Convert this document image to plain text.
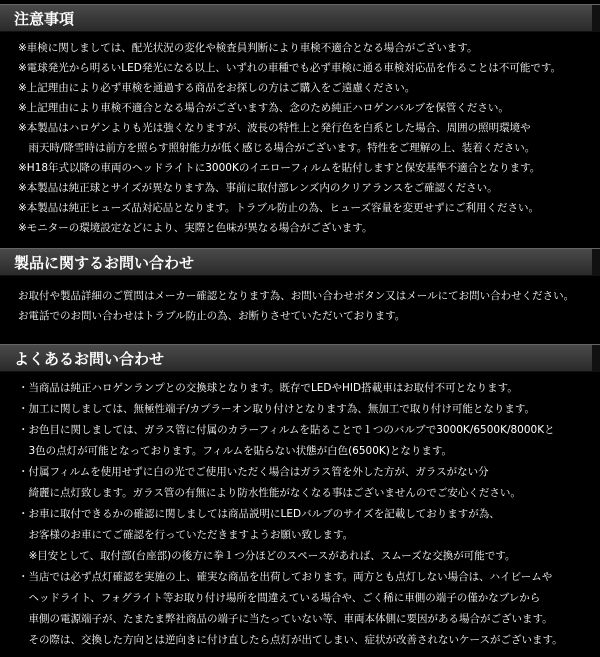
注意事項
※車検に関しましては、配光状況の変化や検査員判断により車検不適合となる場合がございます。
※電球発光から明るいLED発光になる以上、いずれの車種でも必ず車検に通る車検対応品を作ることは不可能です。
※上記理由により必ず車検を通過する商品をお探しの方はご購入をご遠慮ください。
※上記理由により車検不適合となる場合がございます為、念のため純正ハロゲンバルブを保管ください。
※本製品はハロゲンよりも光は強くなりますが、波長の特性上と発行色を白系とした場合、周囲の照明環境や
　雨天時/降雪時は前方を照らす照射能力が低く感じる場合がございます。特性をご理解の上、装着ください。
※H18年式以降の車両のヘッドライトに3000Kのイエローフィルムを貼付しますと保安基準不適合となります。
※本製品は純正球とサイズが異なります為、事前に取付部レンズ内のクリアランスをご確認ください。
※本製品は純正ヒューズ品対応品となります。トラブル防止の為、ヒューズ容量を変更せずにご利用ください。
※モニターの環境設定などにより、実際と色味が異なる場合がございます。
製品に関するお問い合わせ
お取付や製品詳細のご質問はメーカー確認となります為、お問い合わせボタン又はメールにてお問い合わせください。
お電話でのお問い合わせはトラブル防止の為、お断りさせていただいております。
よくあるお問い合わせ
・当商品は純正ハロゲンランプとの交換球となります。既存でLEDやHID搭載車はお取付不可となります。
・加工に関しましては、無極性端子/カプラーオン取り付けとなります為、無加工で取り付け可能となります。
・お色目に関しましては、ガラス管に付属のカラーフィルムを貼ることで１つのバルブで3000K/6500K/8000Kと
　3色の点灯が可能となっております。フィルムを貼らない状態が白色(6500K)となります。
・付属フィルムを使用せずに白の光でご使用いただく場合はガラス管を外した方が、ガラスがない分
　綺麗に点灯致します。ガラス管の有無により防水性能がなくなる事はございませんのでご安心ください。
・お車に取付できるかの確認に関しましては商品説明にLEDバルブのサイズを記載しておりますが為、
　お客様のお車にてご確認を行っていただきますようお願い致します。
　※目安として、取付部(台座部)の後方に拳１つ分ほどのスペースがあれば、スムーズな交換が可能です。
・当店では必ず点灯確認を実施の上、確実な商品を出荷しております。両方とも点灯しない場合は、ハイビームや
　ヘッドライト、フォグライト等お取り付け場所を間違えている場合や、ごく稀に車側の端子の僅かなブレから
　車側の電源端子が、たまたま弊社商品の端子に当たっていない等、車両本体側に要因がある場合がございます。
　その際は、交換した方向とは逆向きに付け直したら点灯が出てしまい、症状が改善されないケースがございます。
